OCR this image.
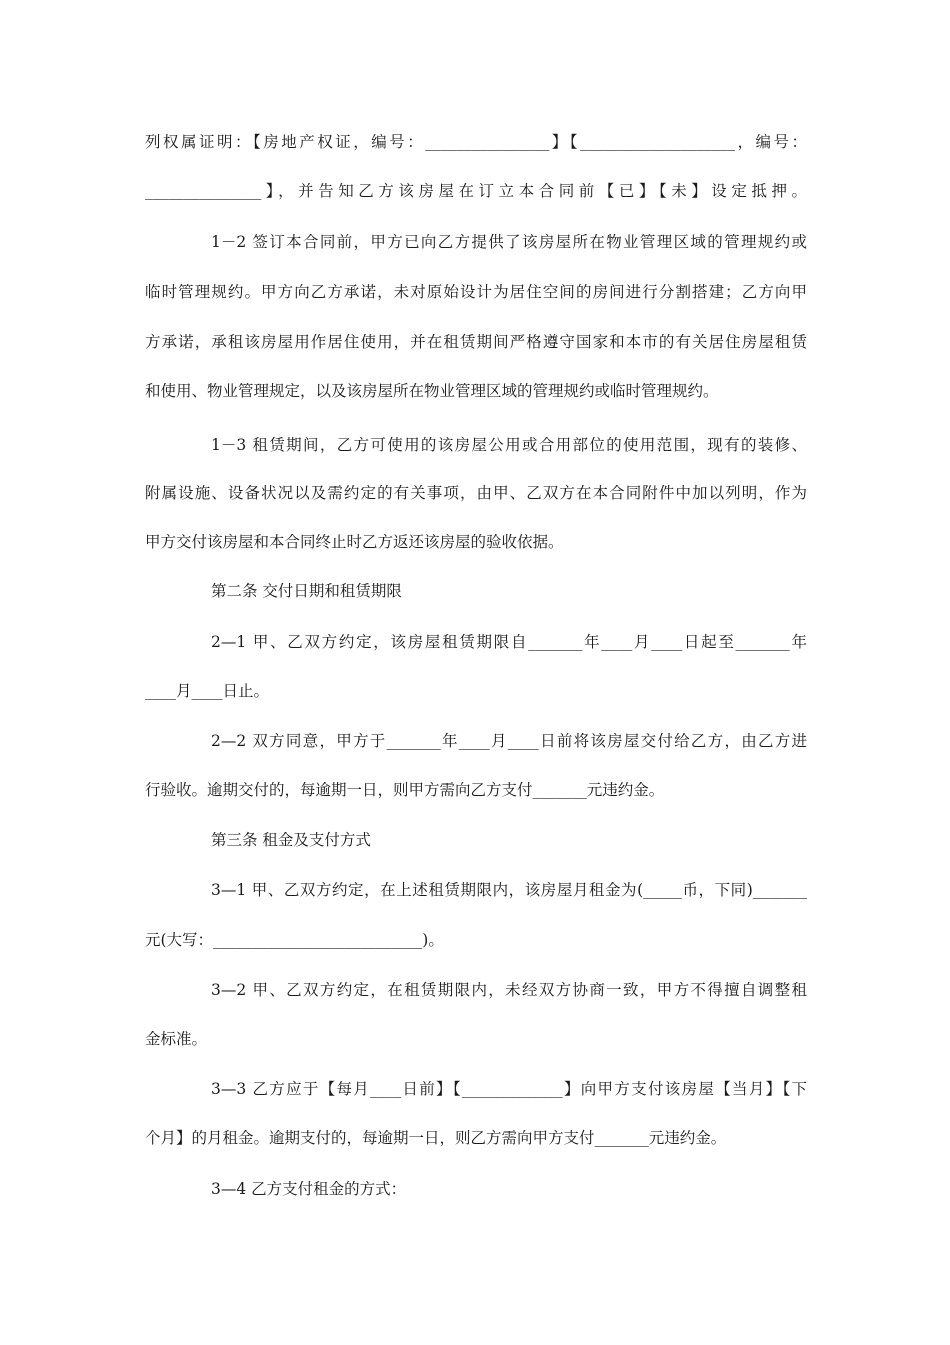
列权属证明：【房地产权证，编号：________________】【____________________，编号：
_______________】，并告知乙方该房屋在订立本合同前【已】【未】设定抵押。
1－2 签订本合同前，甲方已向乙方提供了该房屋所在物业管理区域的管理规约或
临时管理规约。甲方向乙方承诺，未对原始设计为居住空间的房间进行分割搭建；乙方向甲
方承诺，承租该房屋用作居住使用，并在租赁期间严格遵守国家和本市的有关居住房屋租赁
和使用、物业管理规定，以及该房屋所在物业管理区域的管理规约或临时管理规约。
1－3 租赁期间，乙方可使用的该房屋公用或合用部位的使用范围，现有的装修、
附属设施、设备状况以及需约定的有关事项，由甲、乙双方在本合同附件中加以列明，作为
甲方交付该房屋和本合同终止时乙方返还该房屋的验收依据。
第二条 交付日期和租赁期限
2—1 甲、乙双方约定，该房屋租赁期限自_______年____月____日起至_______年
____月____日止。
2—2 双方同意，甲方于_______年____月____日前将该房屋交付给乙方，由乙方进
行验收。逾期交付的，每逾期一日，则甲方需向乙方支付_______元违约金。
第三条 租金及支付方式
3—1 甲、乙双方约定，在上述租赁期限内，该房屋月租金为(_____币，下同)_______
元(大写：___________________________)。
3—2 甲、乙双方约定，在租赁期限内，未经双方协商一致，甲方不得擅自调整租
金标准。
3—3 乙方应于【每月____日前】【_____________】向甲方支付该房屋【当月】【下
个月】的月租金。逾期支付的，每逾期一日，则乙方需向甲方支付_______元违约金。
3—4 乙方支付租金的方式：
